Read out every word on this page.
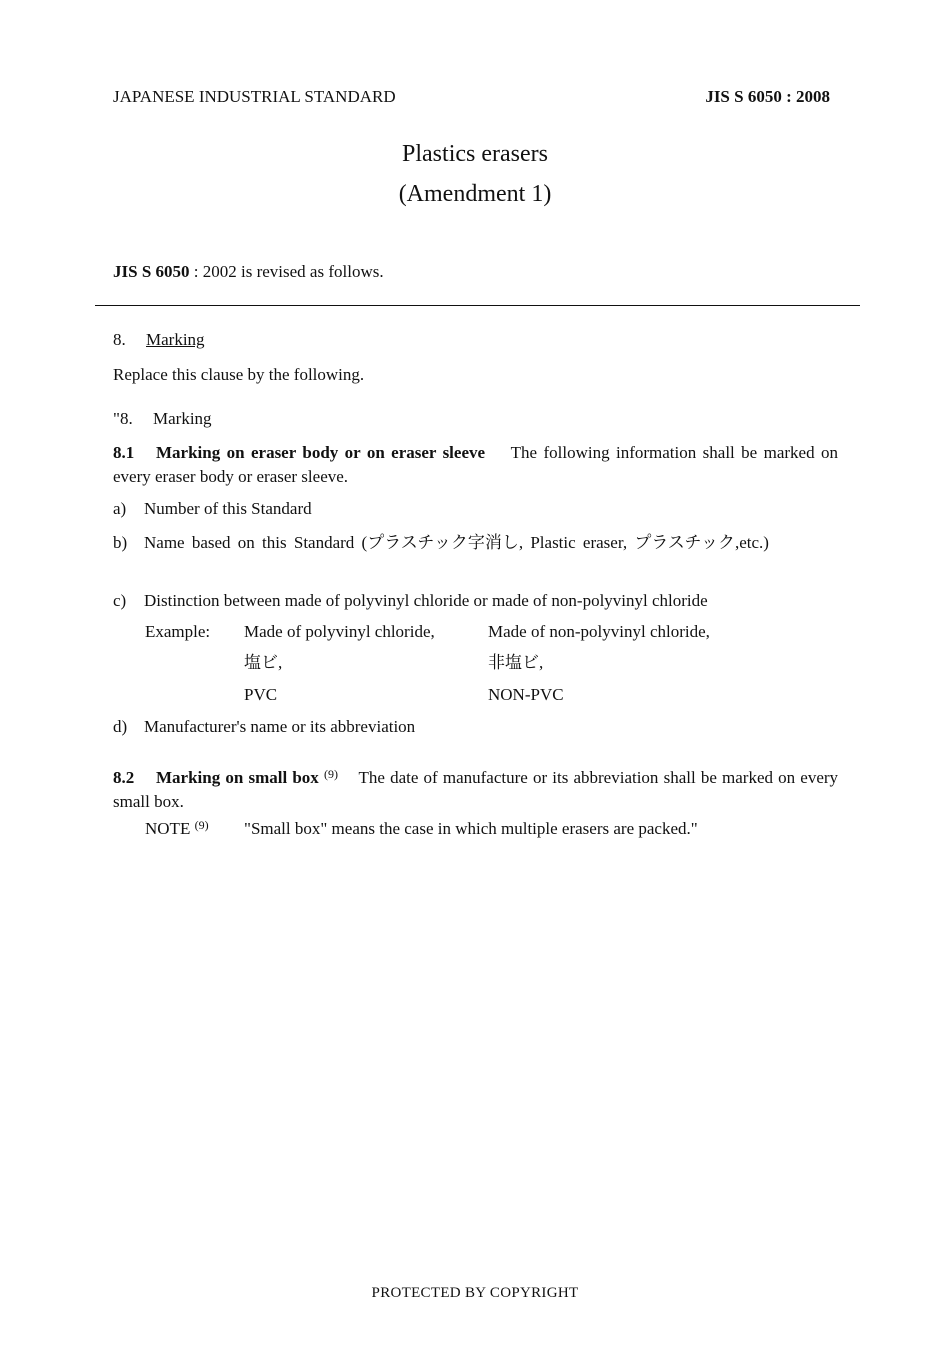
JAPANESE INDUSTRIAL STANDARD	JIS S 6050 : 2008
Plastics erasers
(Amendment 1)
JIS S 6050 : 2002 is revised as follows.
8. Marking
Replace this clause by the following.
"8. Marking
8.1 Marking on eraser body or on eraser sleeve The following information shall be marked on every eraser body or eraser sleeve.
a) Number of this Standard
b) Name based on this Standard (プラスチック字消し, Plastic eraser, プラスチック,etc.)
c) Distinction between made of polyvinyl chloride or made of non-polyvinyl chloride
Example: Made of polyvinyl chloride,
塩ビ,
PVC
Made of non-polyvinyl chloride,
非塩ビ,
NON-PVC
d) Manufacturer's name or its abbreviation
8.2 Marking on small box $^{(9)}$ The date of manufacture or its abbreviation shall be marked on every small box.
NOTE $^{(9)}$ "Small box" means the case in which multiple erasers are packed."
PROTECTED BY COPYRIGHT
